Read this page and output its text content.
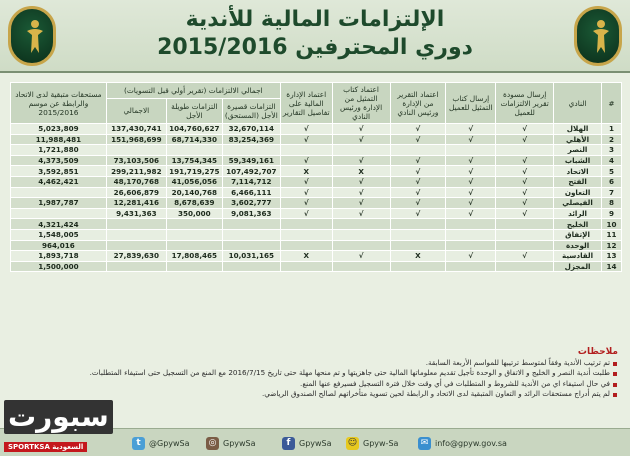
الإلتزامات المالية للأندية
دوري المحترفين 2015/2016
#	النادي	إرسال مسودة تقرير الالتزامات للعميل	إرسال كتاب التمثيل للعميل	اعتماد التقرير من الإدارة ورئيس النادي	اعتماد كتاب التمثيل من الإدارة ورئيس النادي	اعتماد الإدارة المالية على تفاصيل التقارير	اجمالي الالتزامات (تقرير أولي قبل التسويات)			مستحقات متبقية لدى الاتحاد والرابطة عن موسم 2015/2016
							التزامات قصيرة الأجل (المستحق)	التزامات طويلة الأجل	الاجمالي	
1	الهلال	√	√	√	√	√	32,670,114	104,760,627	137,430,741	5,023,809
2	الأهلي	√	√	√	√	√	83,254,369	68,714,330	151,968,699	11,988,481
3	النصر									1,721,880
4	الشباب	√	√	√	√	√	59,349,161	13,754,345	73,103,506	4,373,509
5	الاتحاد	√	√	√	X	X	107,492,707	191,719,275	299,211,982	3,592,851
6	الفتح	√	√	√	√	√	7,114,712	41,056,056	48,170,768	4,462,421
7	التعاون	√	√	√	√	√	6,466,111	20,140,768	26,606,879	
8	الفيصلي	√	√	√	√	√	3,602,777	8,678,639	12,281,416	1,987,787
9	الرائد	√	√	√	√	√	9,081,363	350,000	9,431,363	
10	الخليج									4,321,424
11	الإتفاق									1,548,005
12	الوحدة									964,016
13	القادسية	√	√	X	√	X	10,031,165	17,808,465	27,839,630	1,893,718
14	المجزل									1,500,000
ملاحظات
تم ترتيب الأندية وفقاً لمتوسط ترتيبها للمواسم الأربعة السابقة.
طلبت أندية النصر و الخليج و الاتفاق و الوحدة تأجيل تقديم معلوماتها المالية حتى جاهزيتها و تم منحها مهلة حتى تاريخ 2016/7/15 مع المنع من التسجيل حتى استيفاء المتطلبات.
في حال استيفاء اي من الأندية للشروط و المتطلبات في أي وقت خلال فترة التسجيل فسيرفع عنها المنع.
لم يتم أدراج مستحقات الرائد و التعاون المتبقية لدى الاتحاد و الرابطة لحين تسوية متأخراتهم لصالح الصندوق الرياضي.
t	@GpywSa ◎ GpywSa	f	GpywSa ☺ Gpyw-Sa	✉ info@gpyw.gov.sa
سبورت
SPORTKSA السعودية
